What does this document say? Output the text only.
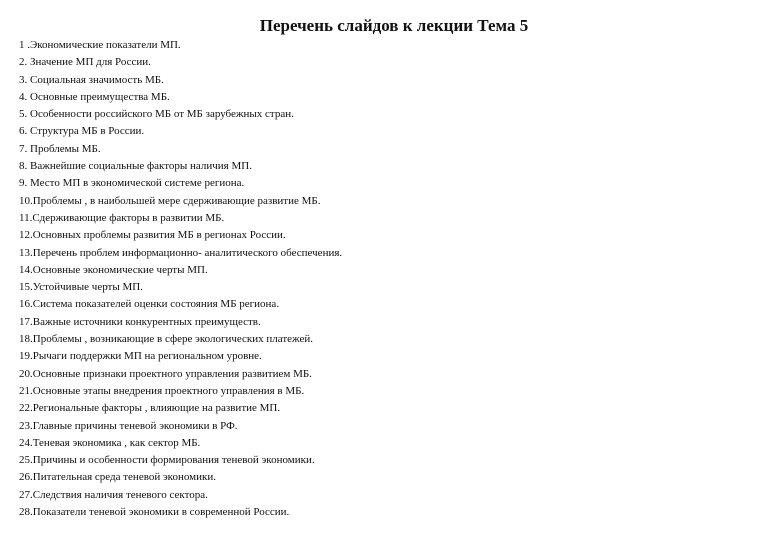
Перечень слайдов к лекции Тема 5
1 .Экономические показатели МП.
2. Значение МП для России.
3. Социальная значимость МБ.
4. Основные преимущества МБ.
5. Особенности российского МБ от МБ зарубежных стран.
6. Структура МБ в России.
7. Проблемы МБ.
8. Важнейшие социальные факторы наличия МП.
9. Место МП в экономической системе региона.
10.Проблемы , в наибольшей мере сдерживающие развитие МБ.
11.Сдерживающие факторы в развитии МБ.
12.Основных проблемы развития МБ в регионах России.
13.Перечень проблем информационно- аналитического обеспечения.
14.Основные экономические черты МП.
15.Устойчивые черты МП.
16.Система показателей оценки состояния МБ региона.
17.Важные источники конкурентных преимуществ.
18.Проблемы , возникающие в сфере экологических платежей.
19.Рычаги поддержки МП на региональном уровне.
20.Основные признаки проектного управления развитием МБ.
21.Основные этапы внедрения проектного управления в МБ.
22.Региональные факторы , влияющие на развитие МП.
23.Главные причины теневой экономики в РФ.
24.Теневая экономика , как сектор МБ.
25.Причины и особенности формирования теневой экономики.
26.Питательная среда теневой экономики.
27.Следствия наличия теневого сектора.
28.Показатели теневой экономики в современной России.
